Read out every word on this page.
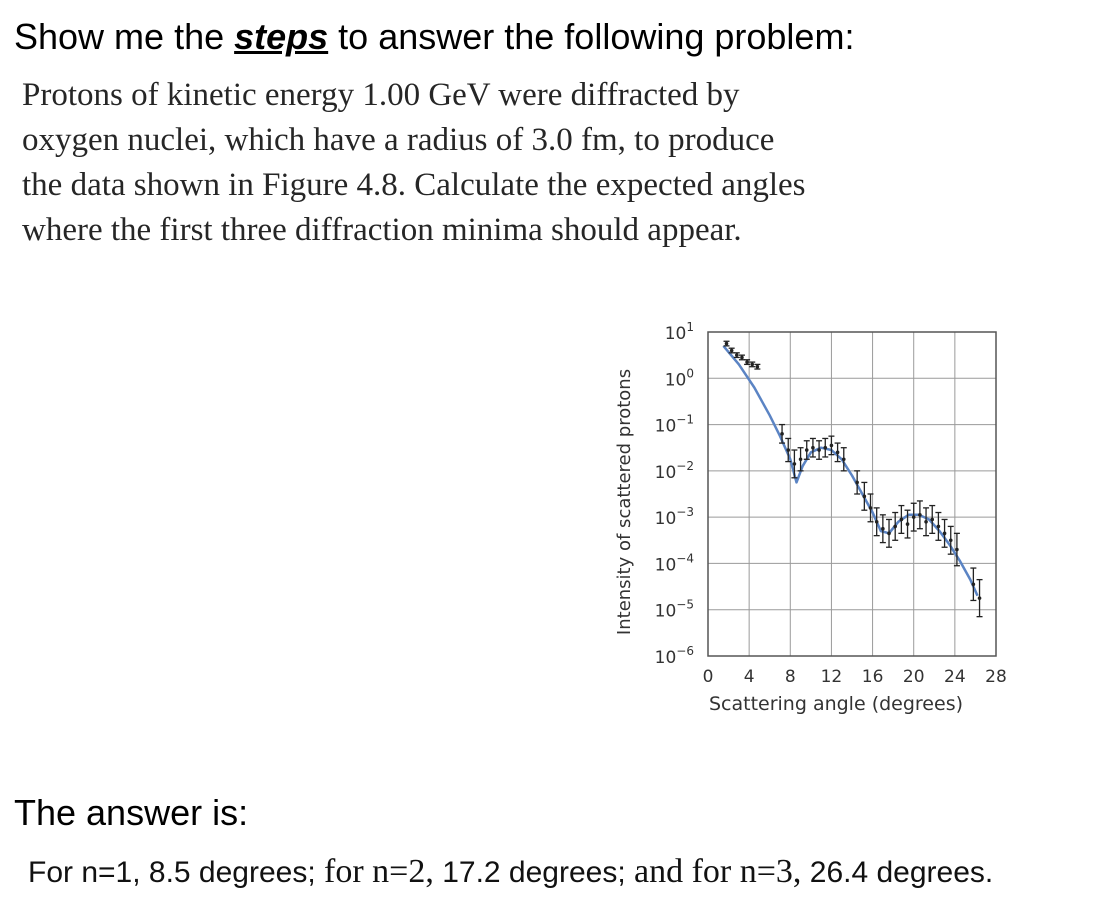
Show me the steps to answer the following problem:
Protons of kinetic energy 1.00 GeV were diffracted by
oxygen nuclei, which have a radius of 3.0 fm, to produce
the data shown in Figure 4.8. Calculate the expected angles
where the first three diffraction minima should appear.
0 4 8 12 16 20 24 28
$10^1$
$10^0$
$10^{-1}$
$10^{-2}$
$10^{-3}$
$10^{-4}$
$10^{-5}$
$10^{-6}$
Scattering angle (degrees)
Intensity of scattered protons
The answer is:
For n=1, 8.5 degrees; for n=2, 17.2 degrees; and for n=3, 26.4 degrees.
